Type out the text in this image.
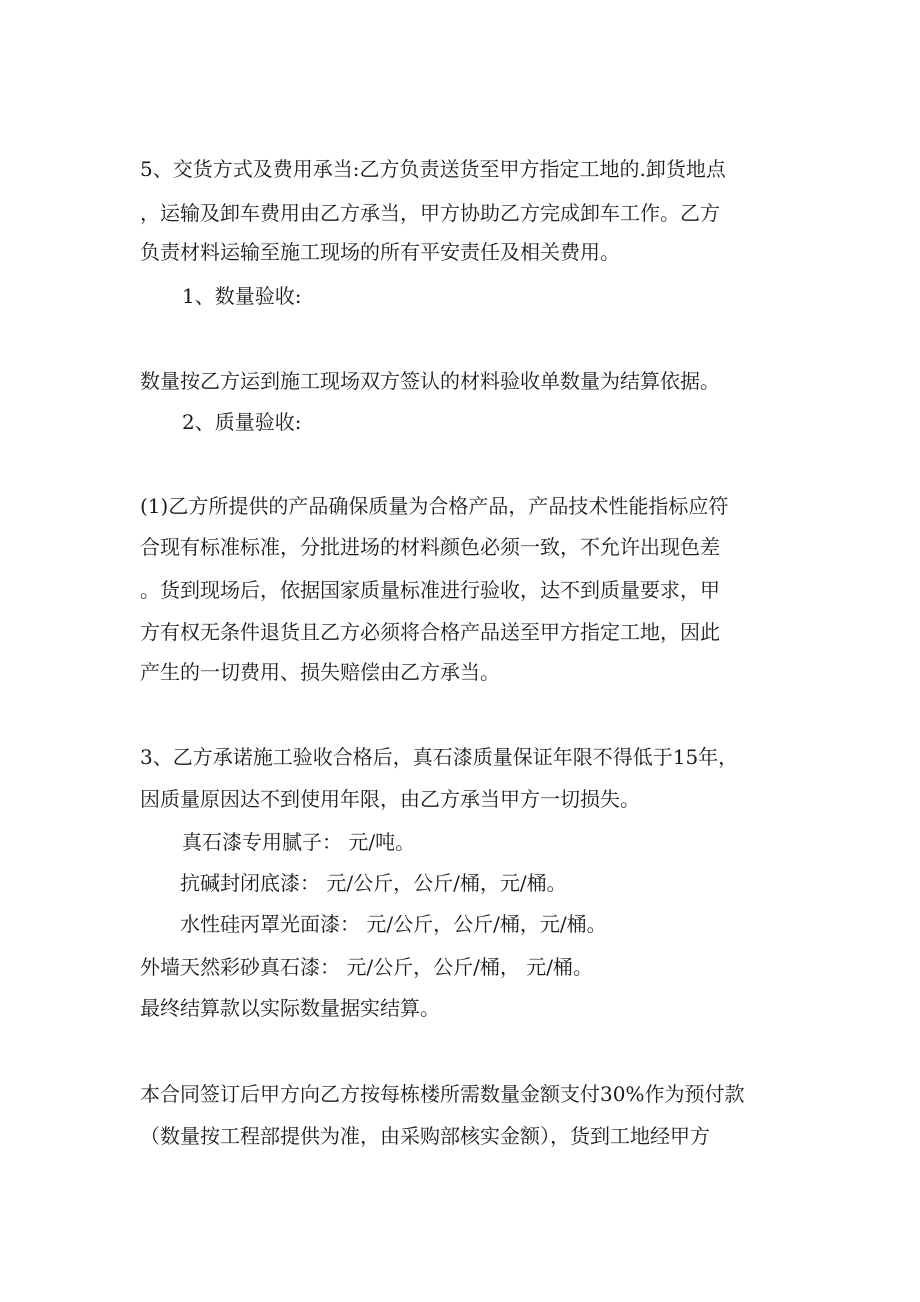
5、交货方式及费用承当:乙方负责送货至甲方指定工地的.卸货地点
，运输及卸车费用由乙方承当，甲方协助乙方完成卸车工作。乙方
负责材料运输至施工现场的所有平安责任及相关费用。
1、数量验收:
数量按乙方运到施工现场双方签认的材料验收单数量为结算依据。
2、质量验收:
(1)乙方所提供的产品确保质量为合格产品，产品技术性能指标应符
合现有标准标准，分批进场的材料颜色必须一致，不允许出现色差
。货到现场后，依据国家质量标准进行验收，达不到质量要求，甲
方有权无条件退货且乙方必须将合格产品送至甲方指定工地，因此
产生的一切费用、损失赔偿由乙方承当。
3、乙方承诺施工验收合格后，真石漆质量保证年限不得低于15年，
因质量原因达不到使用年限，由乙方承当甲方一切损失。
真石漆专用腻子： 元/吨。
抗碱封闭底漆： 元/公斤，公斤/桶，元/桶。
水性硅丙罩光面漆： 元/公斤，公斤/桶，元/桶。
外墙天然彩砂真石漆： 元/公斤，公斤/桶， 元/桶。
最终结算款以实际数量据实结算。
本合同签订后甲方向乙方按每栋楼所需数量金额支付30%作为预付款
（数量按工程部提供为准，由采购部核实金额），货到工地经甲方
